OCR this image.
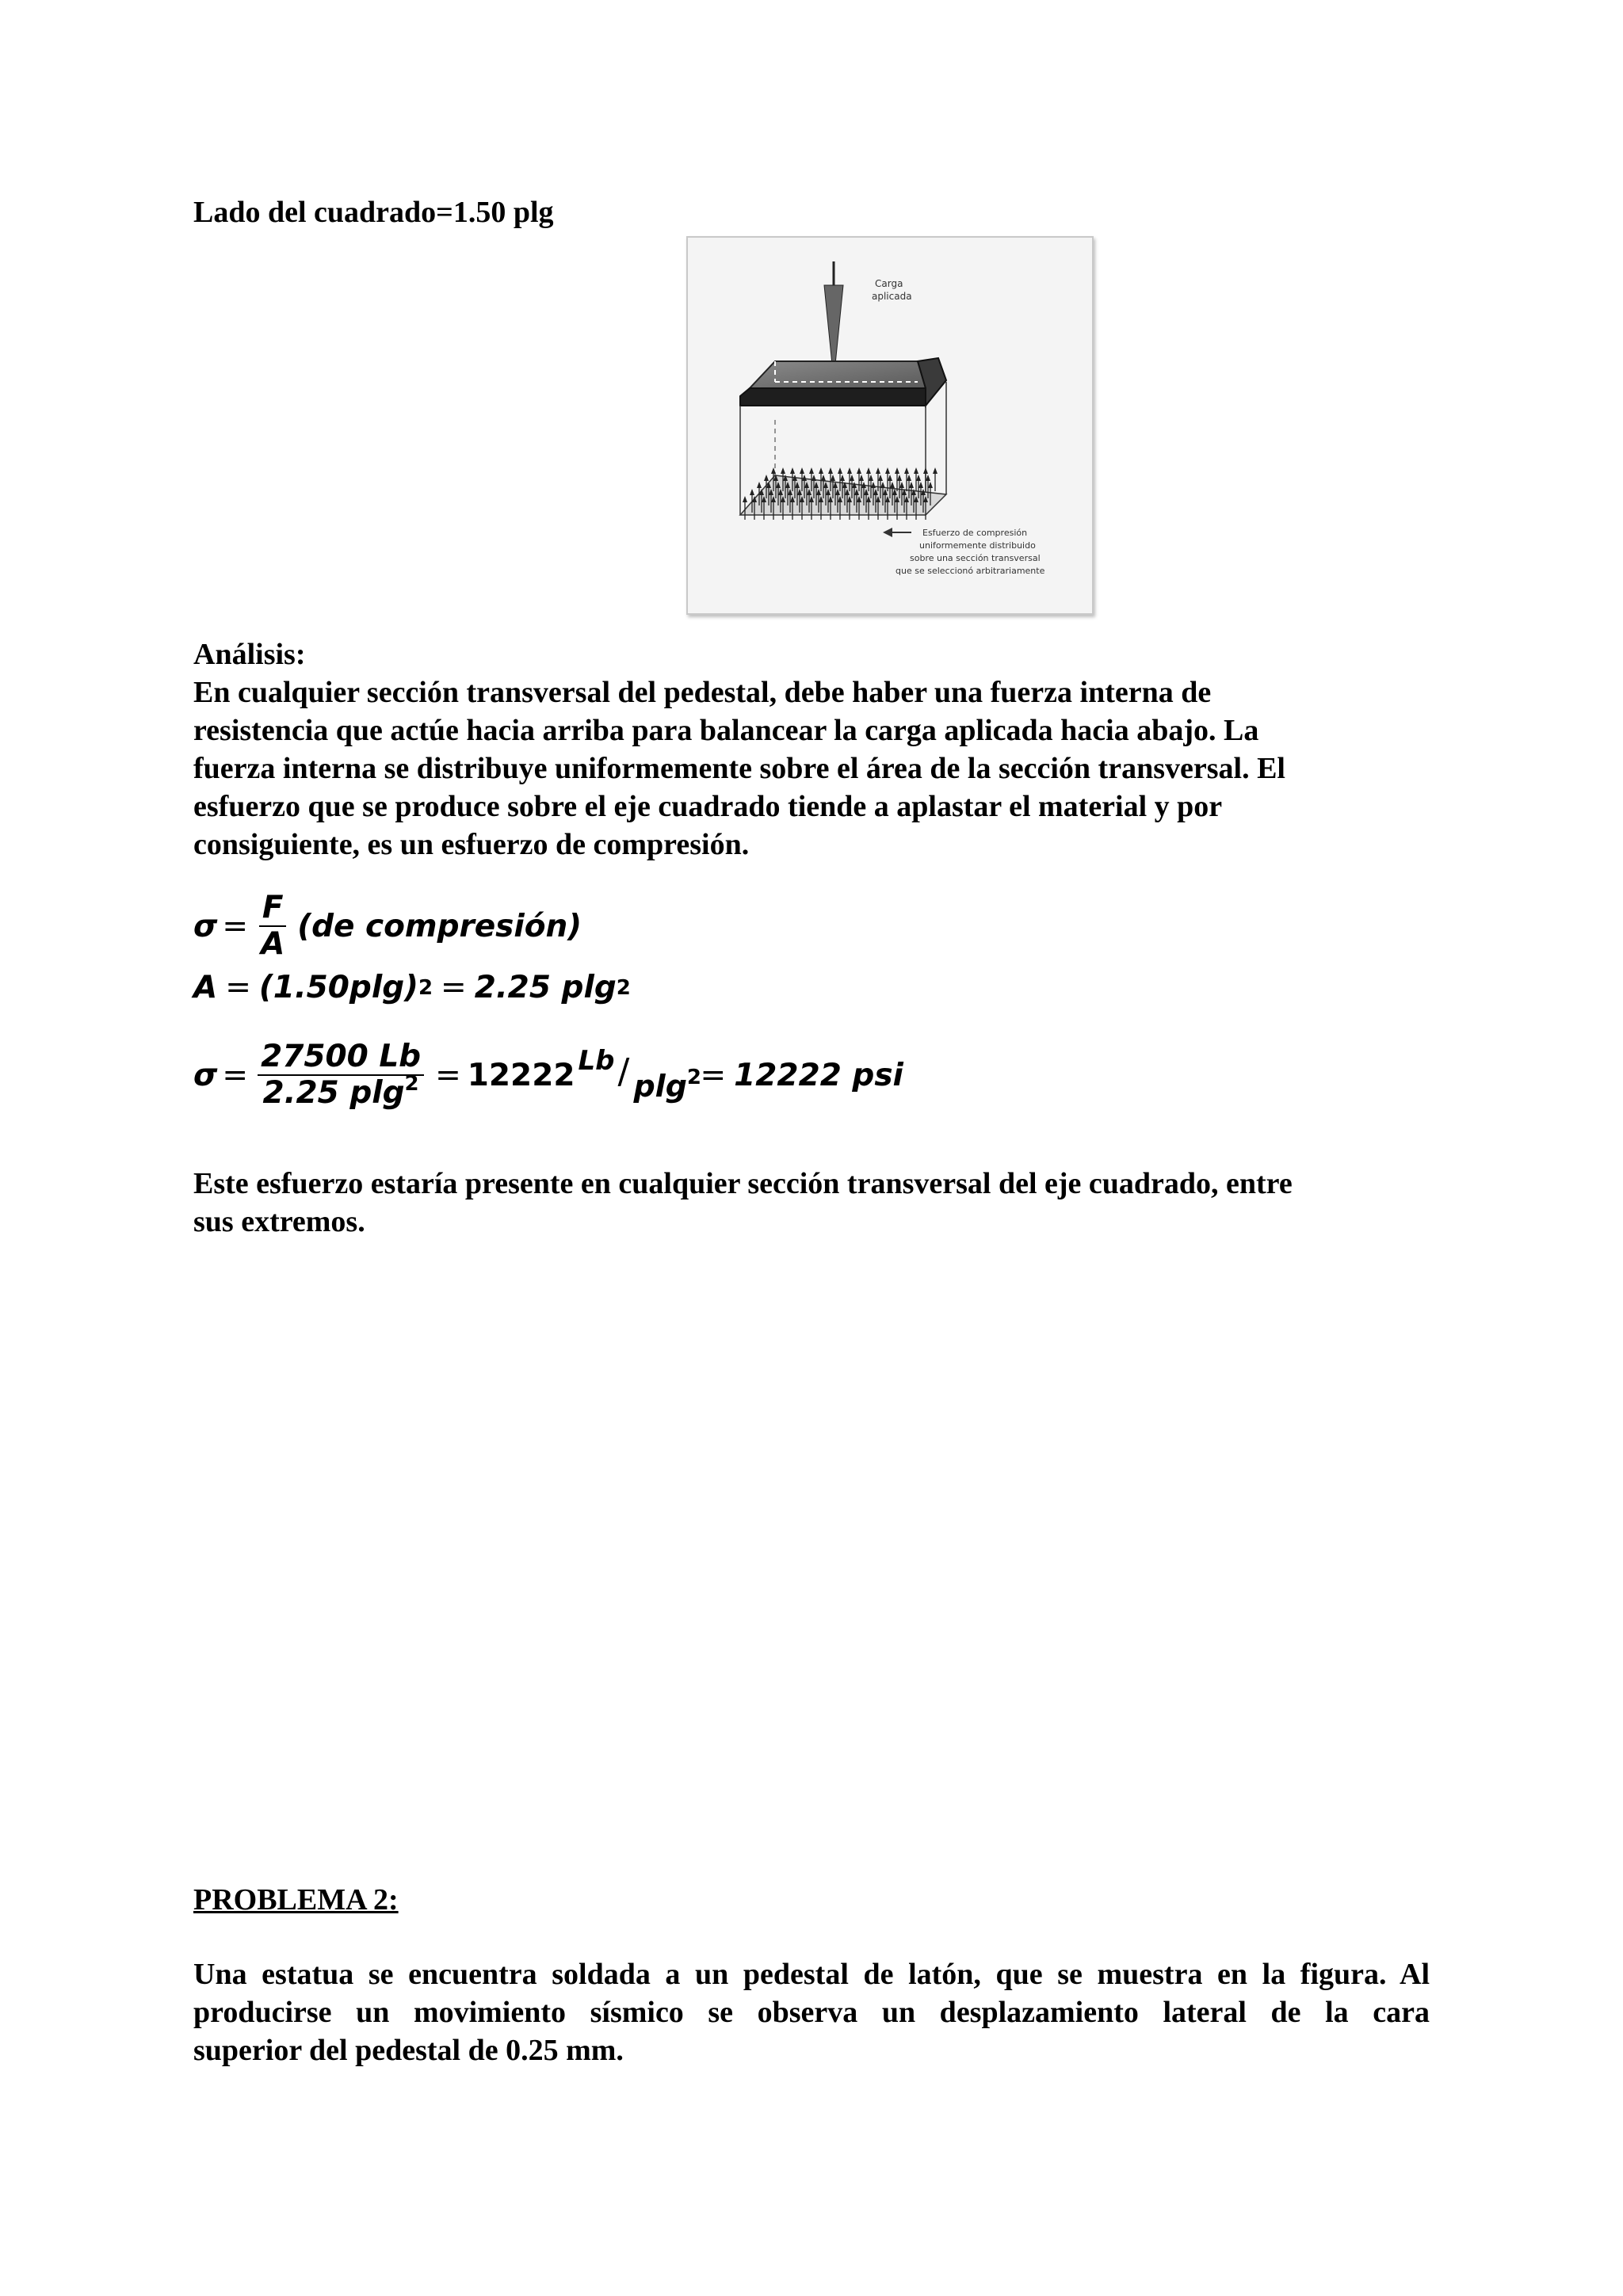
Lado del cuadrado=1.50 plg
Carga
aplicada
Esfuerzo de compresión
uniformemente distribuido
sobre una sección transversal
que se seleccionó arbitrariamente
Análisis:
En cualquier sección transversal del pedestal, debe haber una fuerza interna de
resistencia que actúe hacia arriba para balancear la carga aplicada hacia abajo. La
fuerza interna se distribuye uniformemente sobre el área de la sección transversal. El
esfuerzo que se produce sobre el eje cuadrado tiende a aplastar el material y por
consiguiente, es un esfuerzo de compresión.
$\sigma = \frac{F}{A} (de$ compresión)
A = (1.50plg) 2 = 2.25 plg 2
$\sigma = \frac{27500 Lb}{2.25 plg^2} = 12222$ Lb / plg$^2$
= 12222 psi
Este esfuerzo estaría presente en cualquier sección transversal del eje cuadrado, entre
sus extremos.
PROBLEMA 2:
Una estatua se encuentra soldada a un pedestal de latón, que se muestra en la figura. Al
producirse un movimiento sísmico se observa un desplazamiento lateral de la cara
superior del pedestal de 0.25 mm.
